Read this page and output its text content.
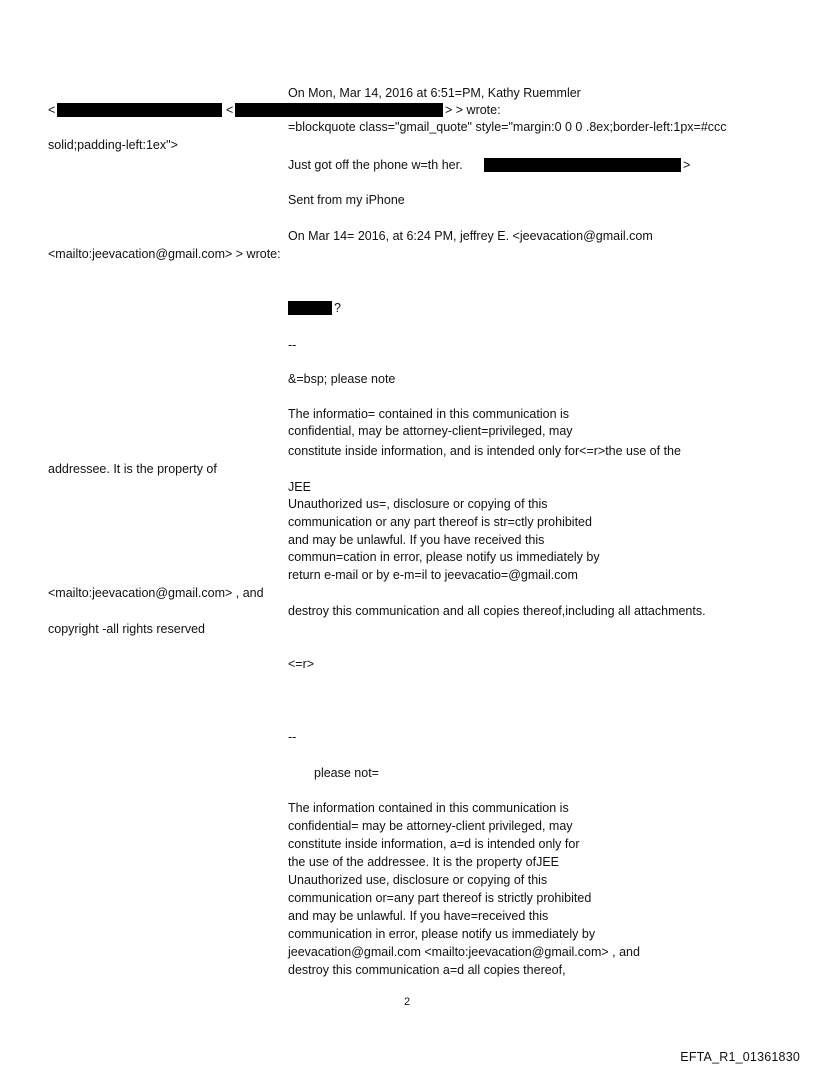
On Mon, Mar 14, 2016 at 6:51=PM, Kathy Ruemmler
<	<	> > wrote:
=blockquote class="gmail_quote" style="margin:0 0 0 .8ex;border-left:1px=#ccc
solid;padding-left:1ex">
Just got off the phone w=th her.	>
Sent from my iPhone
On Mar 14= 2016, at 6:24 PM, jeffrey E. <jeevacation@gmail.com
<mailto:jeevacation@gmail.com> > wrote:
?
--
&=bsp; please note
The informatio= contained in this communication is
confidential, may be attorney-client=privileged, may
constitute inside information, and is intended only for<=r>the use of the
addressee. It is the property of
JEE
Unauthorized us=, disclosure or copying of this
communication or any part thereof is str=ctly prohibited
and may be unlawful. If you have received this
commun=cation in error, please notify us immediately by
return e-mail or by e-m=il to jeevacatio=@gmail.com
<mailto:jeevacation@gmail.com> , and
destroy this communication and all copies thereof,including all attachments.
copyright -all rights reserved
<=r>
--
please not=
The information contained in this communication is
confidential= may be attorney-client privileged, may
constitute inside information, a=d is intended only for
the use of the addressee. It is the property ofJEE
Unauthorized use, disclosure or copying of this
communication or=any part thereof is strictly prohibited
and may be unlawful. If you have=received this
communication in error, please notify us immediately by
jeevacation@gmail.com <mailto:jeevacation@gmail.com> , and
destroy this communication a=d all copies thereof,
2
EFTA_R1_01361830
